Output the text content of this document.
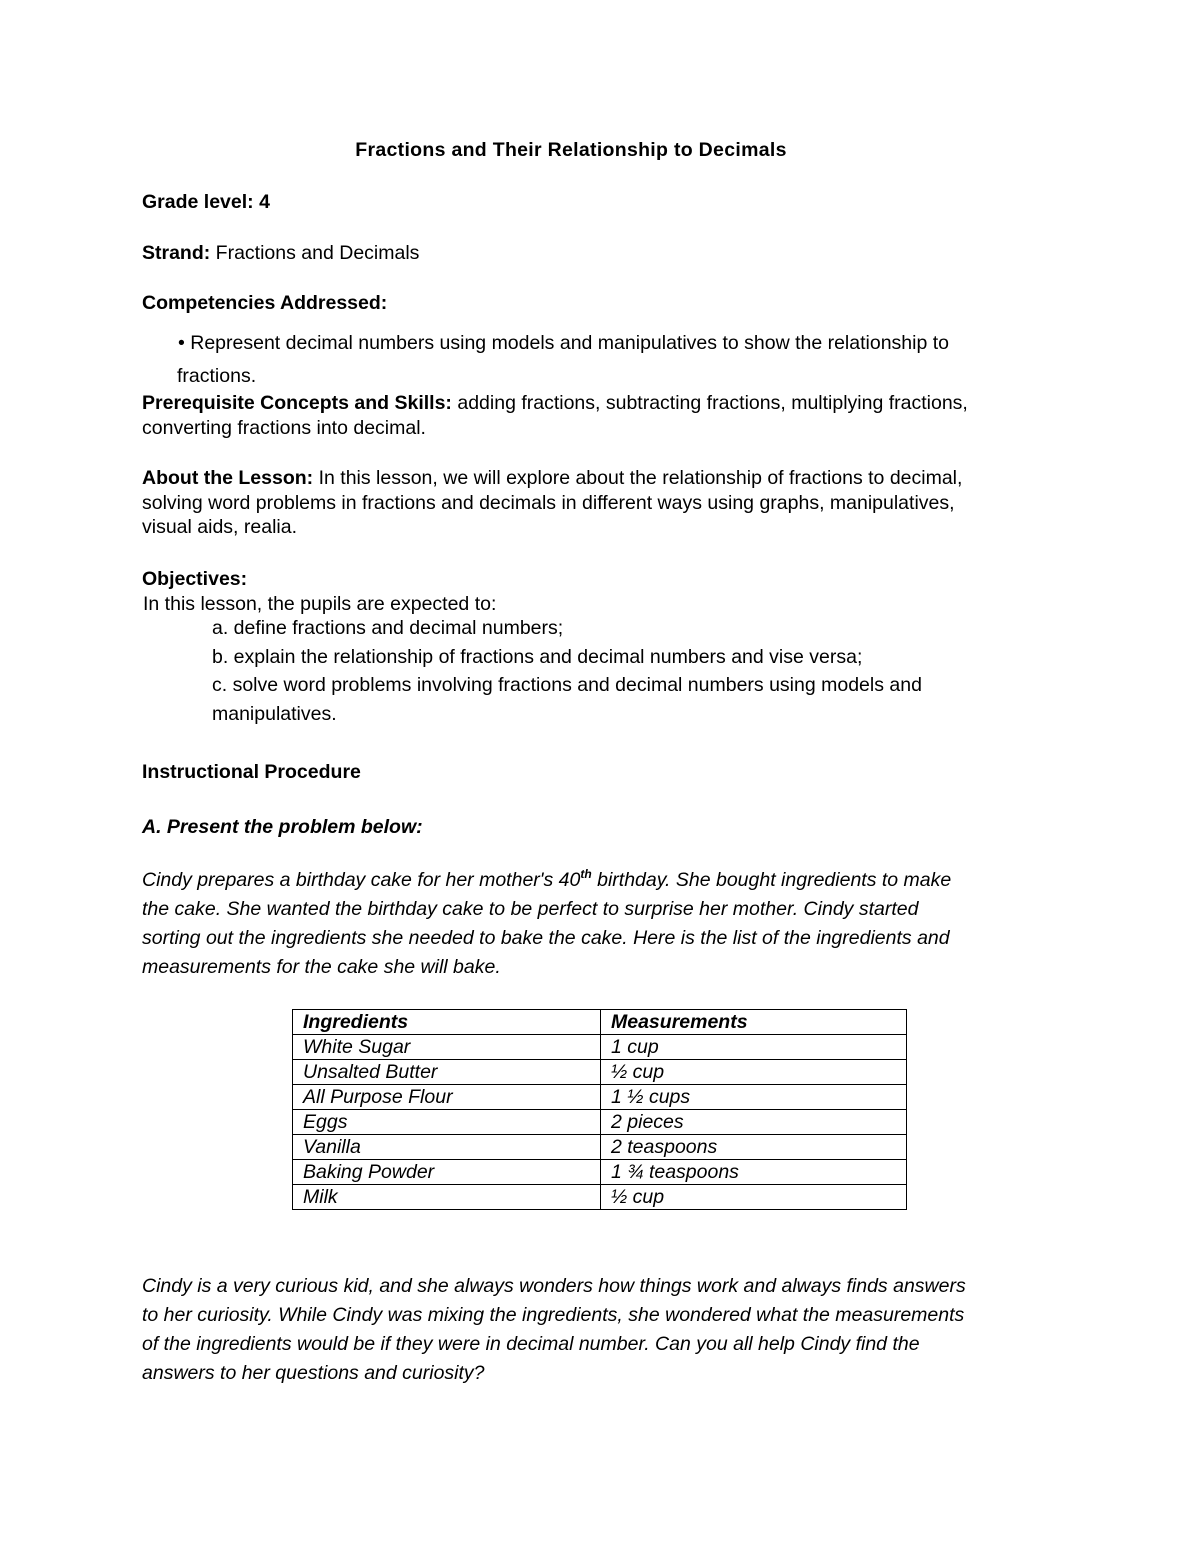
Fractions and Their Relationship to Decimals
Grade level: 4
Strand: Fractions and Decimals
Competencies Addressed:
• Represent decimal numbers using models and manipulatives to show the relationship to
fractions.
Prerequisite Concepts and Skills: adding fractions, subtracting fractions, multiplying fractions,
converting fractions into decimal.
About the Lesson: In this lesson, we will explore about the relationship of fractions to decimal,
solving word problems in fractions and decimals in different ways using graphs, manipulatives,
visual aids, realia.
Objectives:
In this lesson, the pupils are expected to:
a. define fractions and decimal numbers;
b. explain the relationship of fractions and decimal numbers and vise versa;
c. solve word problems involving fractions and decimal numbers using models and
manipulatives.
Instructional Procedure
A. Present the problem below:
Cindy prepares a birthday cake for her mother's 40th birthday. She bought ingredients to make
the cake. She wanted the birthday cake to be perfect to surprise her mother. Cindy started
sorting out the ingredients she needed to bake the cake. Here is the list of the ingredients and
measurements for the cake she will bake.
Ingredients	Measurements
White Sugar	1 cup
Unsalted Butter	½ cup
All Purpose Flour	1 ½ cups
Eggs	2 pieces
Vanilla	2 teaspoons
Baking Powder	1 ¾ teaspoons
Milk	½ cup
Cindy is a very curious kid, and she always wonders how things work and always finds answers
to her curiosity. While Cindy was mixing the ingredients, she wondered what the measurements
of the ingredients would be if they were in decimal number. Can you all help Cindy find the
answers to her questions and curiosity?
